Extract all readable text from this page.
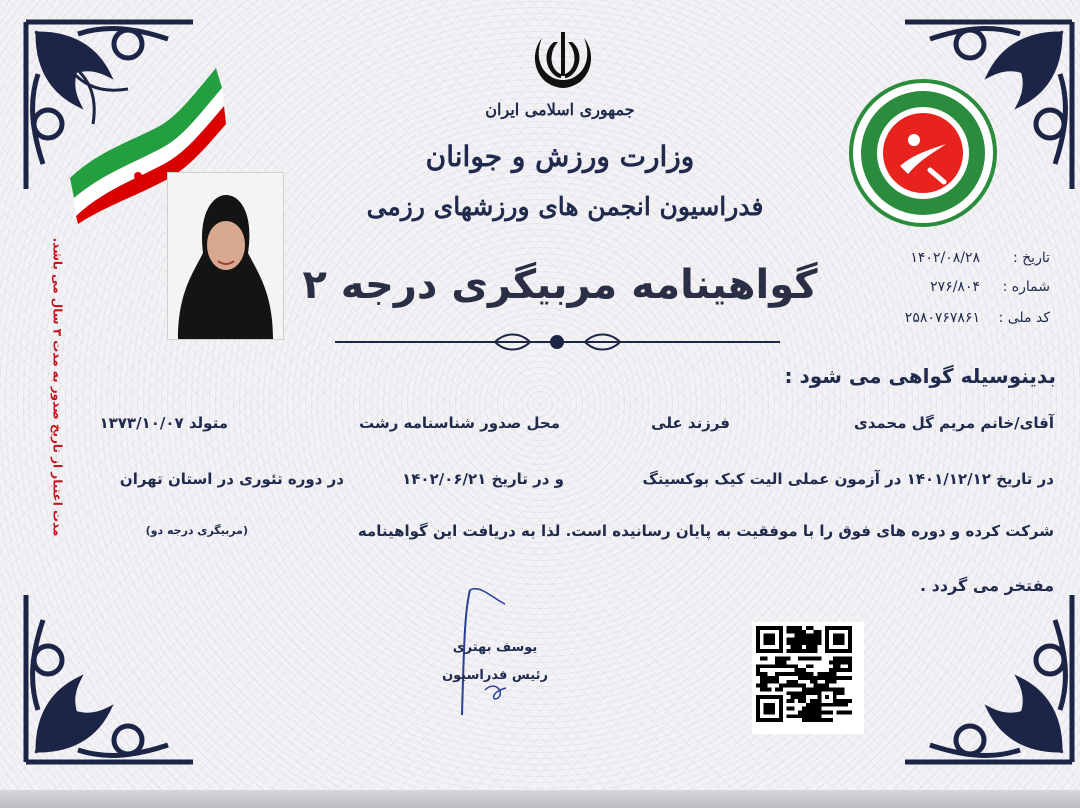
جمهوری اسلامی ایران
وزارت ورزش و جوانان
فدراسیون انجمن های ورزشهای رزمی
گواهینامه مربیگری درجه ۲
تاریخ :
۱۴۰۲/۰۸/۲۸
شماره :
۲۷۶/۸۰۴
کد ملی :
۲۵۸۰۷۶۷۸۶۱
مدت اعتبار از تاریخ صدور به مدت ۳ سال می باشد.	بدینوسیله گواهی می شود :
آقای/خانم مریم گل محمدی
فرزند علی
محل صدور شناسنامه رشت
متولد ۱۳۷۳/۱۰/۰۷
در تاریخ ۱۴۰۱/۱۲/۱۲ در آزمون عملی الیت کیک بوکسینگ
و در تاریخ ۱۴۰۲/۰۶/۲۱
در دوره تئوری در استان تهران
شرکت کرده و دوره های فوق را با موفقیت به پایان رسانیده است. لذا به دریافت این گواهینامه
(مربیگری درجه دو)
مفتخر می گردد .
یوسف بهتری
رئیس فدراسیون
